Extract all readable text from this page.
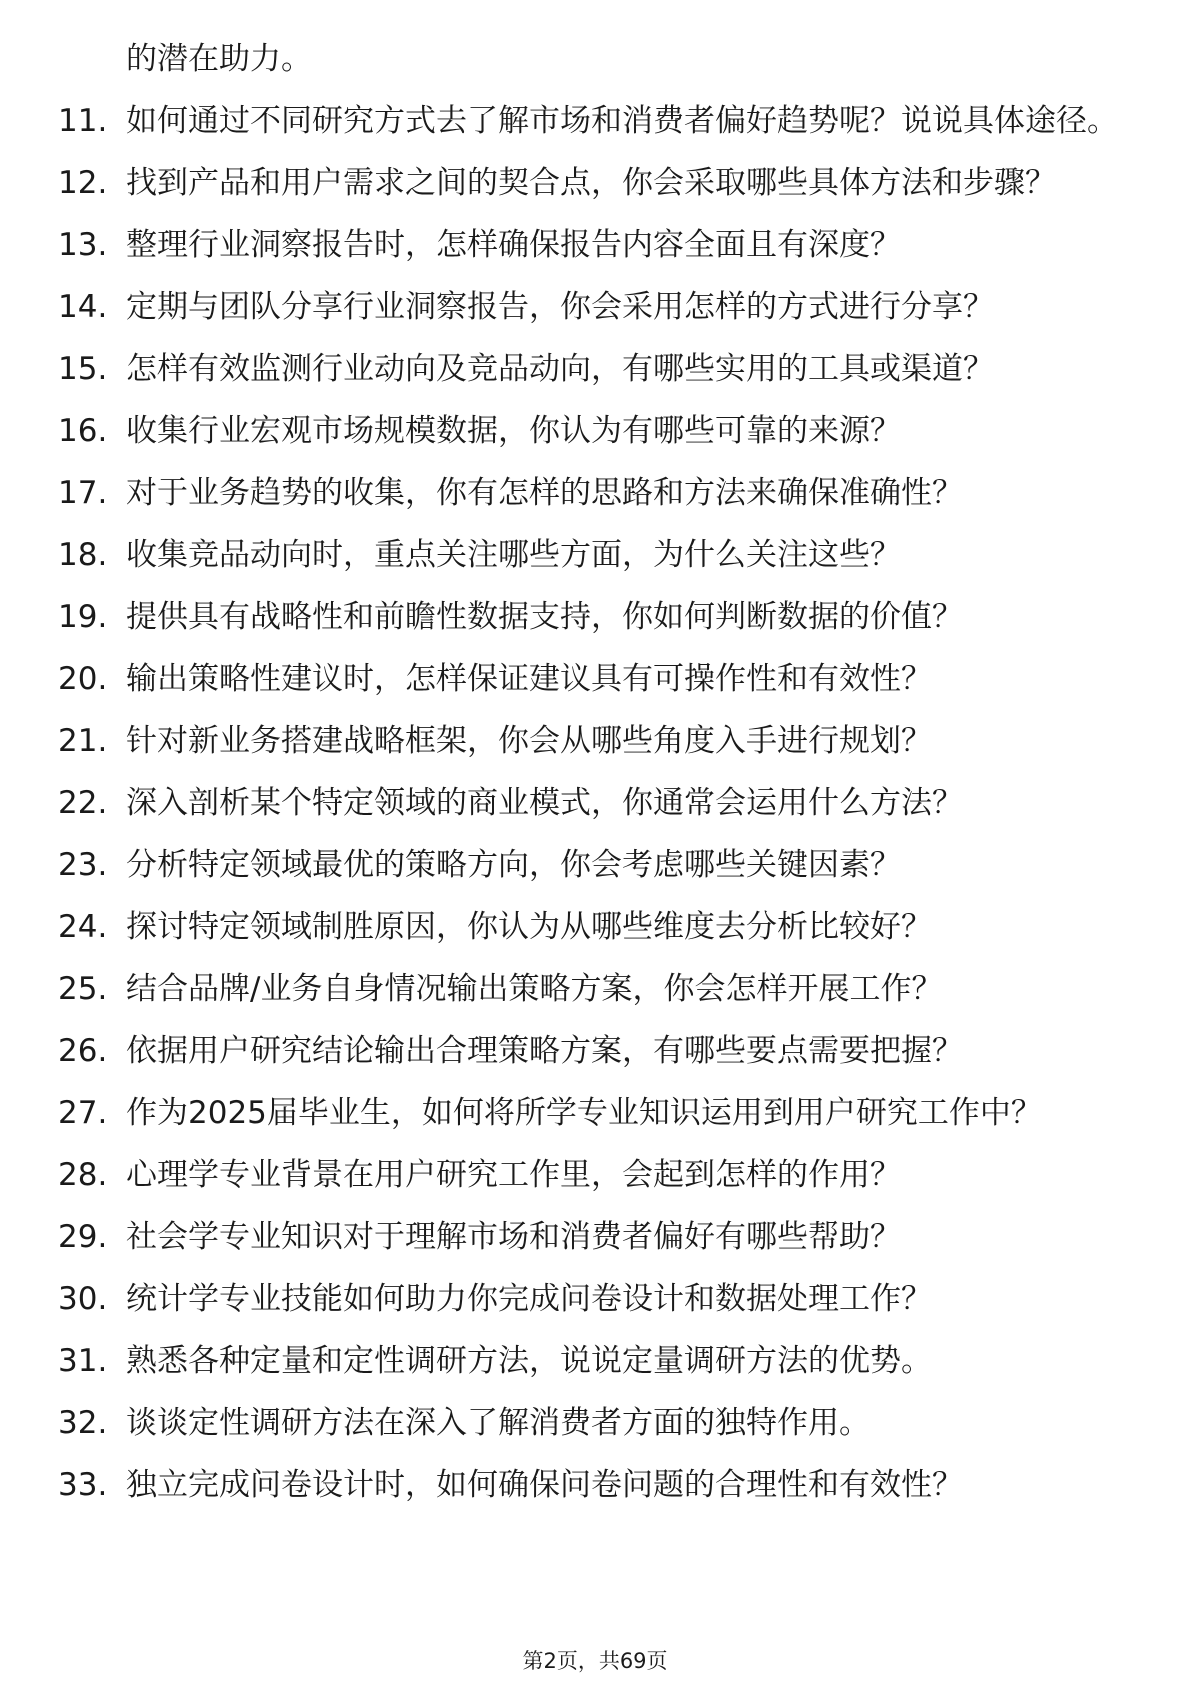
的潜在助力。
11. 如何通过不同研究方式去了解市场和消费者偏好趋势呢？说说具体途径。
12. 找到产品和用户需求之间的契合点，你会采取哪些具体方法和步骤？
13. 整理行业洞察报告时，怎样确保报告内容全面且有深度？
14. 定期与团队分享行业洞察报告，你会采用怎样的方式进行分享？
15. 怎样有效监测行业动向及竞品动向，有哪些实用的工具或渠道？
16. 收集行业宏观市场规模数据，你认为有哪些可靠的来源？
17. 对于业务趋势的收集，你有怎样的思路和方法来确保准确性？
18. 收集竞品动向时，重点关注哪些方面，为什么关注这些？
19. 提供具有战略性和前瞻性数据支持，你如何判断数据的价值？
20. 输出策略性建议时，怎样保证建议具有可操作性和有效性？
21. 针对新业务搭建战略框架，你会从哪些角度入手进行规划？
22. 深入剖析某个特定领域的商业模式，你通常会运用什么方法？
23. 分析特定领域最优的策略方向，你会考虑哪些关键因素？
24. 探讨特定领域制胜原因，你认为从哪些维度去分析比较好？
25. 结合品牌/业务自身情况输出策略方案，你会怎样开展工作？
26. 依据用户研究结论输出合理策略方案，有哪些要点需要把握？
27. 作为2025届毕业生，如何将所学专业知识运用到用户研究工作中？
28. 心理学专业背景在用户研究工作里，会起到怎样的作用？
29. 社会学专业知识对于理解市场和消费者偏好有哪些帮助？
30. 统计学专业技能如何助力你完成问卷设计和数据处理工作？
31. 熟悉各种定量和定性调研方法，说说定量调研方法的优势。
32. 谈谈定性调研方法在深入了解消费者方面的独特作用。
33. 独立完成问卷设计时，如何确保问卷问题的合理性和有效性？
第2页，共69页
